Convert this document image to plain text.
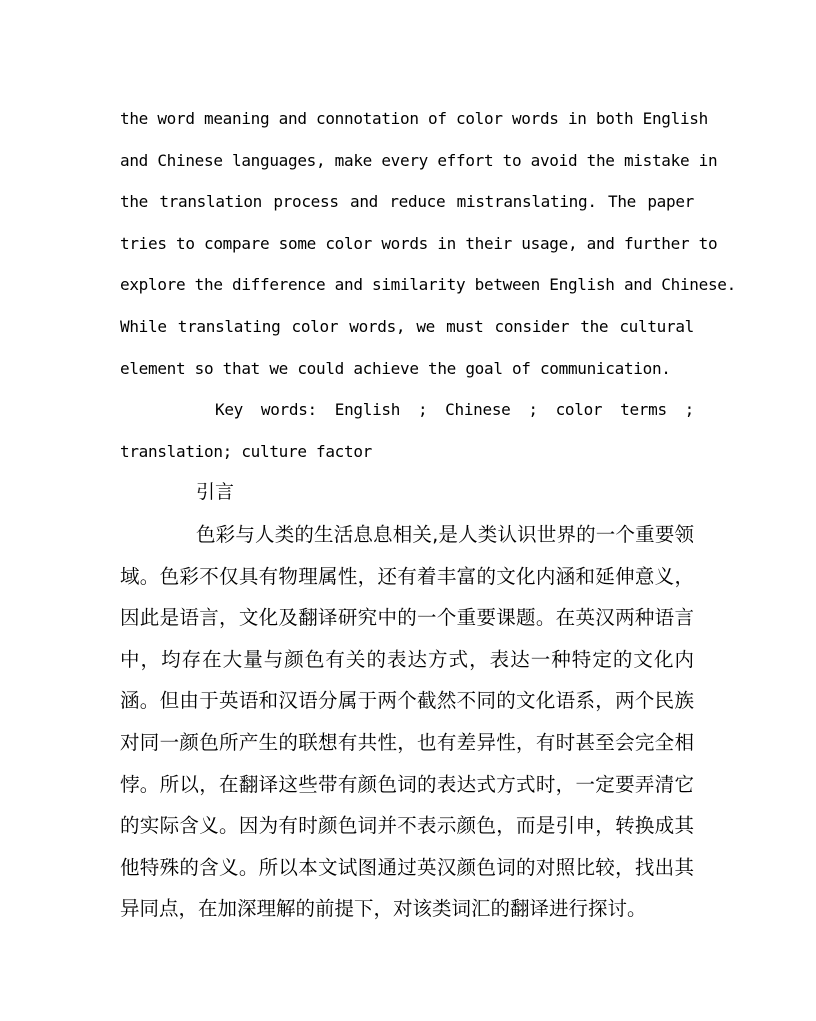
the word meaning and connotation of color words in both English
and Chinese languages, make every effort to avoid the mistake in
the translation process and reduce mistranslating. The paper
tries to compare some color words in their usage, and further to
explore the difference and similarity between English and Chinese.
While translating color words, we must consider the cultural
element so that we could achieve the goal of communication.
Key words: English ; Chinese ; color terms ;
translation; culture factor
引言

色彩与人类的生活息息相关,是人类认识世界的一个重要领域。色彩不仅具有物理属性，还有着丰富的文化内涵和延伸意义，因此是语言，文化及翻译研究中的一个重要课题。在英汉两种语言中，均存在大量与颜色有关的表达方式，表达一种特定的文化内涵。但由于英语和汉语分属于两个截然不同的文化语系，两个民族对同一颜色所产生的联想有共性，也有差异性，有时甚至会完全相悖。所以，在翻译这些带有颜色词的表达式方式时，一定要弄清它的实际含义。因为有时颜色词并不表示颜色，而是引申，转换成其他特殊的含义。所以本文试图通过英汉颜色词的对照比较，找出其异同点，在加深理解的前提下，对该类词汇的翻译进行探讨。
